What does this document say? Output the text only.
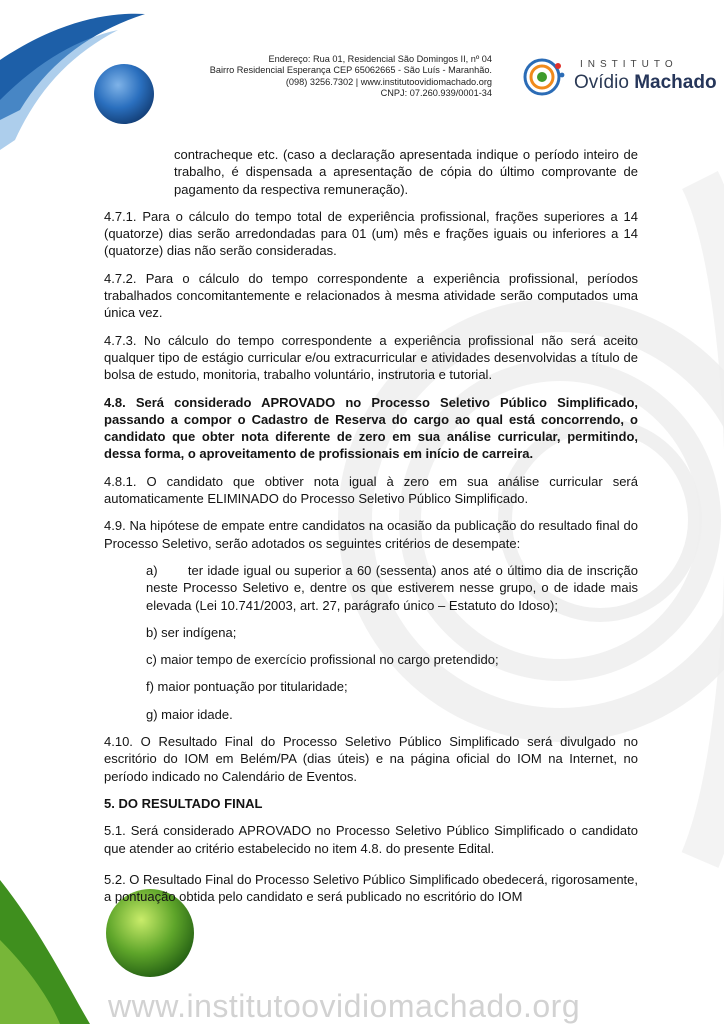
Endereço: Rua 01, Residencial São Domingos II, nº 04
Bairro Residencial Esperança CEP 65062665 - São Luís - Maranhão.
(098) 3256.7302 | www.institutoovidiomachado.org
CNPJ: 07.260.939/0001-34
INSTITUTO
Ovídio Machado

contracheque etc. (caso a declaração apresentada indique o período inteiro de trabalho, é dispensada a apresentação de cópia do último comprovante de pagamento da respectiva remuneração).

4.7.1. Para o cálculo do tempo total de experiência profissional, frações superiores a 14 (quatorze) dias serão arredondadas para 01 (um) mês e frações iguais ou inferiores a 14 (quatorze) dias não serão consideradas.

4.7.2. Para o cálculo do tempo correspondente a experiência profissional, períodos trabalhados concomitantemente e relacionados à mesma atividade serão computados uma única vez.

4.7.3. No cálculo do tempo correspondente a experiência profissional não será aceito qualquer tipo de estágio curricular e/ou extracurricular e atividades desenvolvidas a título de bolsa de estudo, monitoria, trabalho voluntário, instrutoria e tutorial.

4.8. Será considerado APROVADO no Processo Seletivo Público Simplificado, passando a compor o Cadastro de Reserva do cargo ao qual está concorrendo, o candidato que obter nota diferente de zero em sua análise curricular, permitindo, dessa forma, o aproveitamento de profissionais em início de carreira.

4.8.1. O candidato que obtiver nota igual à zero em sua análise curricular será automaticamente ELIMINADO do Processo Seletivo Público Simplificado.

4.9. Na hipótese de empate entre candidatos na ocasião da publicação do resultado final do Processo Seletivo, serão adotados os seguintes critérios de desempate:

a)       ter idade igual ou superior a 60 (sessenta) anos até o último dia de inscrição neste Processo Seletivo e, dentre os que estiverem nesse grupo, o de idade mais elevada (Lei 10.741/2003, art. 27, parágrafo único – Estatuto do Idoso);

b) ser indígena;

c) maior tempo de exercício profissional no cargo pretendido;

f) maior pontuação por titularidade;

g) maior idade.

4.10. O Resultado Final do Processo Seletivo Público Simplificado será divulgado no escritório do IOM em Belém/PA (dias úteis) e na página oficial do IOM na Internet, no período indicado no Calendário de Eventos.

5. DO RESULTADO FINAL

5.1. Será considerado APROVADO no Processo Seletivo Público Simplificado o candidato que atender ao critério estabelecido no item 4.8. do presente Edital.

5.2. O Resultado Final do Processo Seletivo Público Simplificado obedecerá, rigorosamente, a pontuação obtida pelo candidato e será publicado no escritório do IOM

www.institutoovidiomachado.org
